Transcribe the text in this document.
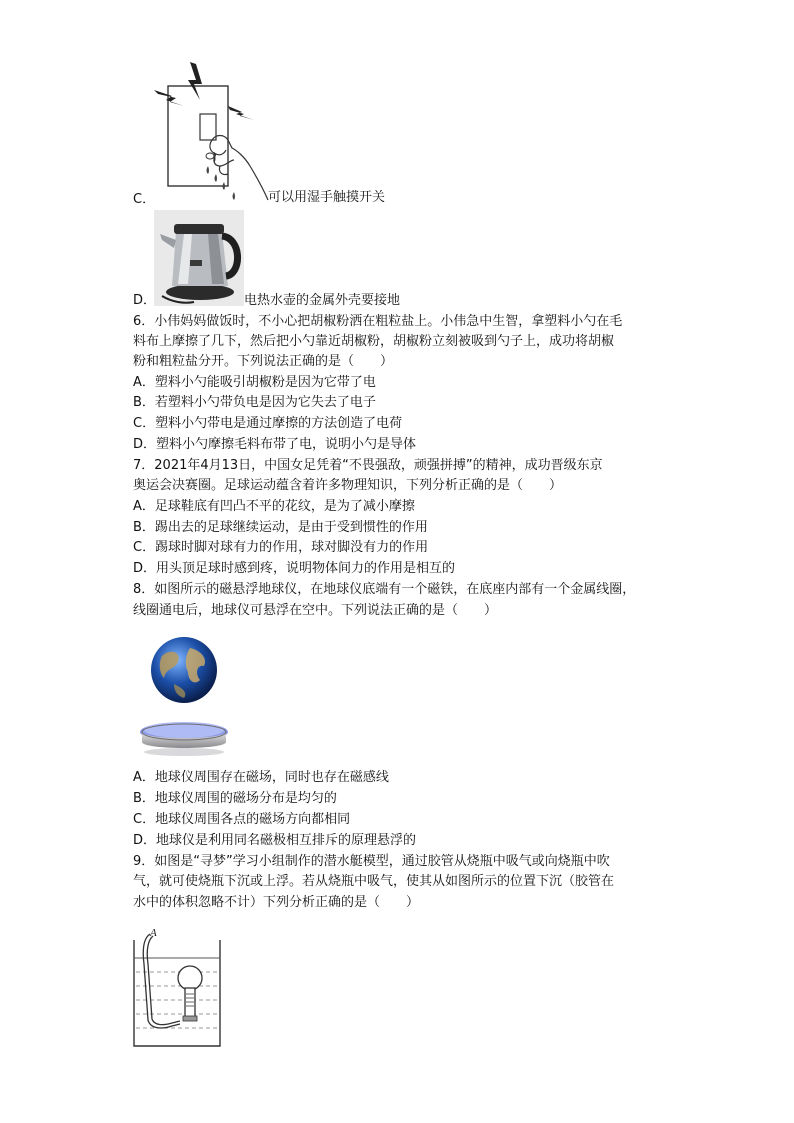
C．	可以用湿手触摸开关
D．	电热水壶的金属外壳要接地
6．小伟妈妈做饭时，不小心把胡椒粉洒在粗粒盐上。小伟急中生智，拿塑料小勺在毛
料布上摩擦了几下，然后把小勺靠近胡椒粉，胡椒粉立刻被吸到勺子上，成功将胡椒
粉和粗粒盐分开。下列说法正确的是（　　）
A．塑料小勺能吸引胡椒粉是因为它带了电
B．若塑料小勺带负电是因为它失去了电子
C．塑料小勺带电是通过摩擦的方法创造了电荷
D．塑料小勺摩擦毛料布带了电，说明小勺是导体
7．2021年4月13日，中国女足凭着“不畏强敌，顽强拼搏”的精神，成功晋级东京
奥运会决赛圈。足球运动蕴含着许多物理知识，下列分析正确的是（　　）
A．足球鞋底有凹凸不平的花纹，是为了减小摩擦
B．踢出去的足球继续运动，是由于受到惯性的作用
C．踢球时脚对球有力的作用，球对脚没有力的作用
D．用头顶足球时感到疼，说明物体间力的作用是相互的
8．如图所示的磁悬浮地球仪，在地球仪底端有一个磁铁，在底座内部有一个金属线圈，
线圈通电后，地球仪可悬浮在空中。下列说法正确的是（　　）
A．地球仪周围存在磁场，同时也存在磁感线
B．地球仪周围的磁场分布是均匀的
C．地球仪周围各点的磁场方向都相同
D．地球仪是利用同名磁极相互排斥的原理悬浮的
9．如图是“寻梦”学习小组制作的潜水艇模型，通过胶管从烧瓶中吸气或向烧瓶中吹
气，就可使烧瓶下沉或上浮。若从烧瓶中吸气，使其从如图所示的位置下沉（胶管在
水中的体积忽略不计）下列分析正确的是（　　）
A
